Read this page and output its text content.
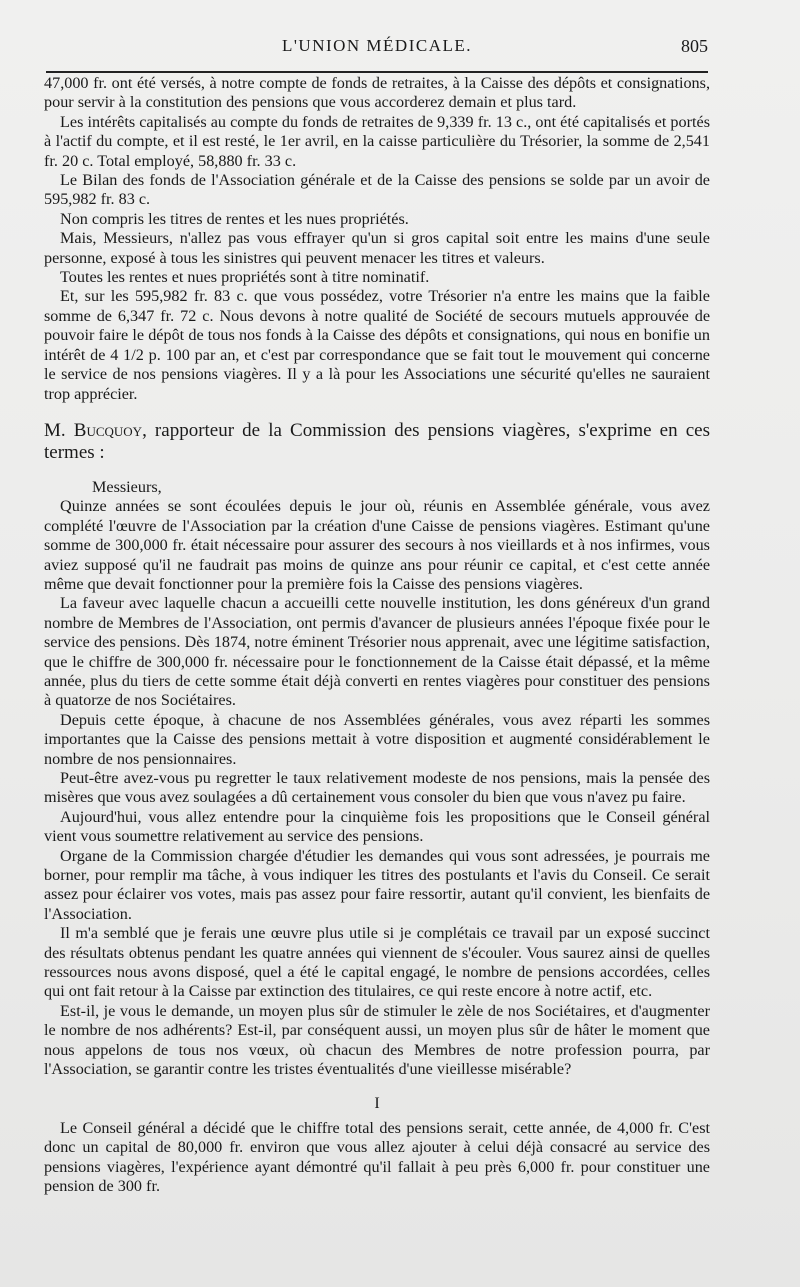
L'UNION MÉDICALE.	805

47,000 fr. ont été versés, à notre compte de fonds de retraites, à la Caisse des dépôts et consignations, pour servir à la constitution des pensions que vous accorderez demain et plus tard.

Les intérêts capitalisés au compte du fonds de retraites de 9,339 fr. 13 c., ont été capitalisés et portés à l'actif du compte, et il est resté, le 1er avril, en la caisse particulière du Trésorier, la somme de 2,541 fr. 20 c. Total employé, 58,880 fr. 33 c.

Le Bilan des fonds de l'Association générale et de la Caisse des pensions se solde par un avoir de 595,982 fr. 83 c.

Non compris les titres de rentes et les nues propriétés.

Mais, Messieurs, n'allez pas vous effrayer qu'un si gros capital soit entre les mains d'une seule personne, exposé à tous les sinistres qui peuvent menacer les titres et valeurs.

Toutes les rentes et nues propriétés sont à titre nominatif.

Et, sur les 595,982 fr. 83 c. que vous possédez, votre Trésorier n'a entre les mains que la faible somme de 6,347 fr. 72 c. Nous devons à notre qualité de Société de secours mutuels approuvée de pouvoir faire le dépôt de tous nos fonds à la Caisse des dépôts et consignations, qui nous en bonifie un intérêt de 4 1/2 p. 100 par an, et c'est par correspondance que se fait tout le mouvement qui concerne le service de nos pensions viagères. Il y a là pour les Associations une sécurité qu'elles ne sauraient trop apprécier.

M. Bucquoy, rapporteur de la Commission des pensions viagères, s'exprime en ces termes :

Messieurs,

Quinze années se sont écoulées depuis le jour où, réunis en Assemblée générale, vous avez complété l'œuvre de l'Association par la création d'une Caisse de pensions viagères. Estimant qu'une somme de 300,000 fr. était nécessaire pour assurer des secours à nos vieillards et à nos infirmes, vous aviez supposé qu'il ne faudrait pas moins de quinze ans pour réunir ce capital, et c'est cette année même que devait fonctionner pour la première fois la Caisse des pensions viagères.

La faveur avec laquelle chacun a accueilli cette nouvelle institution, les dons généreux d'un grand nombre de Membres de l'Association, ont permis d'avancer de plusieurs années l'époque fixée pour le service des pensions. Dès 1874, notre éminent Trésorier nous apprenait, avec une légitime satisfaction, que le chiffre de 300,000 fr. nécessaire pour le fonctionnement de la Caisse était dépassé, et la même année, plus du tiers de cette somme était déjà converti en rentes viagères pour constituer des pensions à quatorze de nos Sociétaires.

Depuis cette époque, à chacune de nos Assemblées générales, vous avez réparti les sommes importantes que la Caisse des pensions mettait à votre disposition et augmenté considérablement le nombre de nos pensionnaires.

Peut-être avez-vous pu regretter le taux relativement modeste de nos pensions, mais la pensée des misères que vous avez soulagées a dû certainement vous consoler du bien que vous n'avez pu faire.

Aujourd'hui, vous allez entendre pour la cinquième fois les propositions que le Conseil général vient vous soumettre relativement au service des pensions.

Organe de la Commission chargée d'étudier les demandes qui vous sont adressées, je pourrais me borner, pour remplir ma tâche, à vous indiquer les titres des postulants et l'avis du Conseil. Ce serait assez pour éclairer vos votes, mais pas assez pour faire ressortir, autant qu'il convient, les bienfaits de l'Association.

Il m'a semblé que je ferais une œuvre plus utile si je complétais ce travail par un exposé succinct des résultats obtenus pendant les quatre années qui viennent de s'écouler. Vous saurez ainsi de quelles ressources nous avons disposé, quel a été le capital engagé, le nombre de pensions accordées, celles qui ont fait retour à la Caisse par extinction des titulaires, ce qui reste encore à notre actif, etc.

Est-il, je vous le demande, un moyen plus sûr de stimuler le zèle de nos Sociétaires, et d'augmenter le nombre de nos adhérents? Est-il, par conséquent aussi, un moyen plus sûr de hâter le moment que nous appelons de tous nos vœux, où chacun des Membres de notre profession pourra, par l'Association, se garantir contre les tristes éventualités d'une vieillesse misérable?

I

Le Conseil général a décidé que le chiffre total des pensions serait, cette année, de 4,000 fr. C'est donc un capital de 80,000 fr. environ que vous allez ajouter à celui déjà consacré au service des pensions viagères, l'expérience ayant démontré qu'il fallait à peu près 6,000 fr. pour constituer une pension de 300 fr.
